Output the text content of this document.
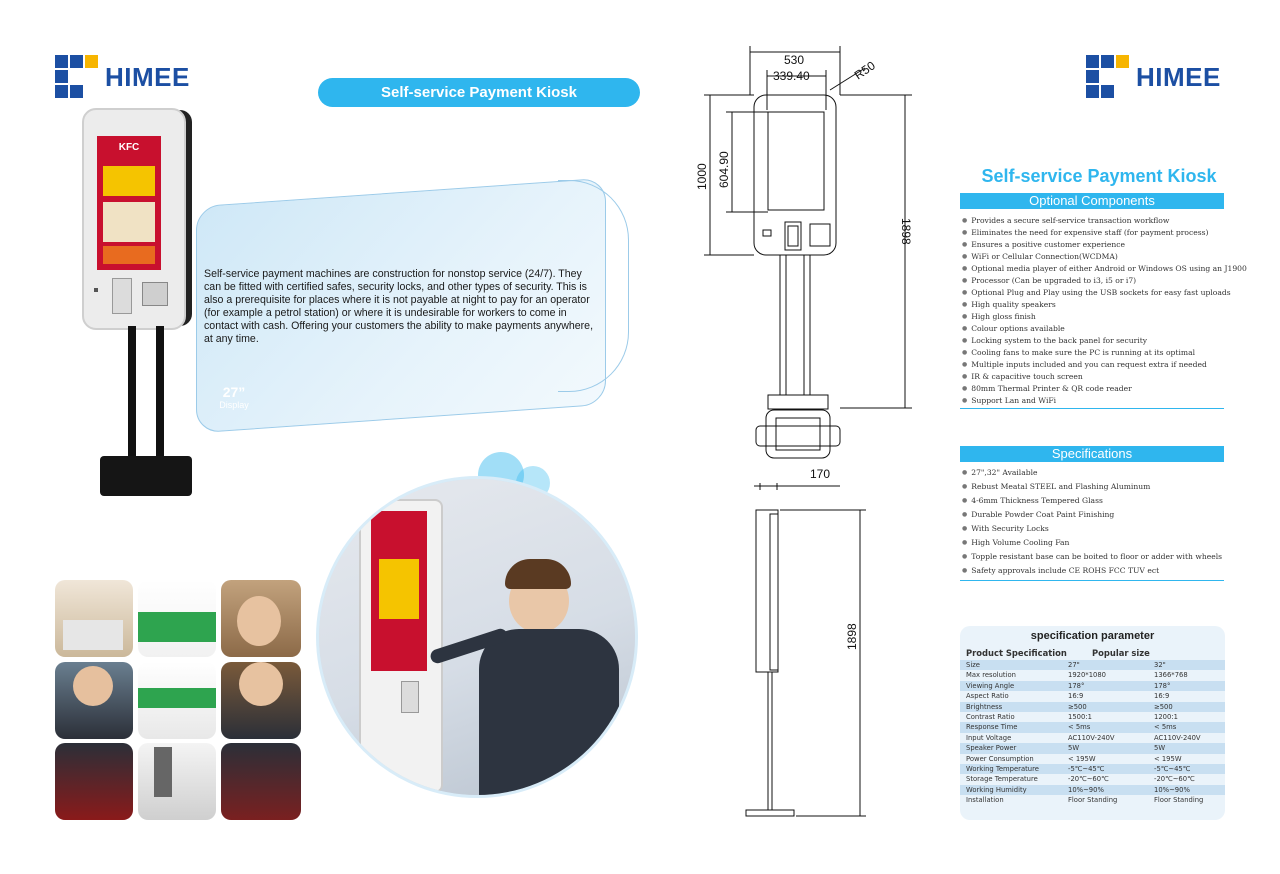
HIMEE
Self-service Payment Kiosk
Self-service payment machines are construction for nonstop service (24/7). They can be fitted with certified safes, security locks, and other types of security. This is also a prerequisite for places where it is not payable at night to pay for an operator (for example a petrol station) or where it is undesirable for workers to come in contact with cash. Offering your customers the ability to make payments anywhere, at any time.
27”
Display
KFC
530
339.40	R50
1000 604.90
1898
170
1898
HIMEE
Self-service Payment Kiosk
Optional Components
● Provides a secure self-service transaction workflow
● Eliminates the need for expensive staff (for payment process)
● Ensures a positive customer experience
● WiFi or Cellular Connection(WCDMA)
● Optional media player of either Android or Windows OS using an J1900
● Processor (Can be upgraded to i3, i5 or i7)
● Optional Plug and Play using the USB sockets for easy fast uploads
● High quality speakers
● High gloss finish
● Colour options available
● Locking system to the back panel for security
● Cooling fans to make sure the PC is running at its optimal
● Multiple inputs included and you can request extra if needed
● IR & capacitive touch screen
● 80mm Thermal Printer & QR code reader
● Support Lan and WiFi
Specifications
● 27",32" Available
● Rebust Meatal STEEL and Flashing Aluminum
● 4-6mm Thickness Tempered Glass
● Durable Powder Coat Paint Finishing
● With Security Locks
● High Volume Cooling Fan
● Topple resistant base can be boited to floor or adder with wheels
● Safety approvals include CE ROHS FCC TUV ect
specification parameter
Product Specification	Popular size
Size	27"	32"
Max resolution	1920*1080	1366*768
Viewing Angle	178°	178°
Aspect Ratio	16:9	16:9
Brightness	≥500	≥500
Contrast Ratio	1500:1	1200:1
Response Time	< 5ms	< 5ms
Input Voltage	AC110V-240V	AC110V-240V
Speaker Power	5W	5W
Power Consumption	< 195W	< 195W
Working Temperature	-5℃~45℃	-5℃~45℃
Storage Temperature	-20℃~60℃	-20℃~60℃
Working Humidity	10%~90%	10%~90%
Installation	Floor Standing	Floor Standing
